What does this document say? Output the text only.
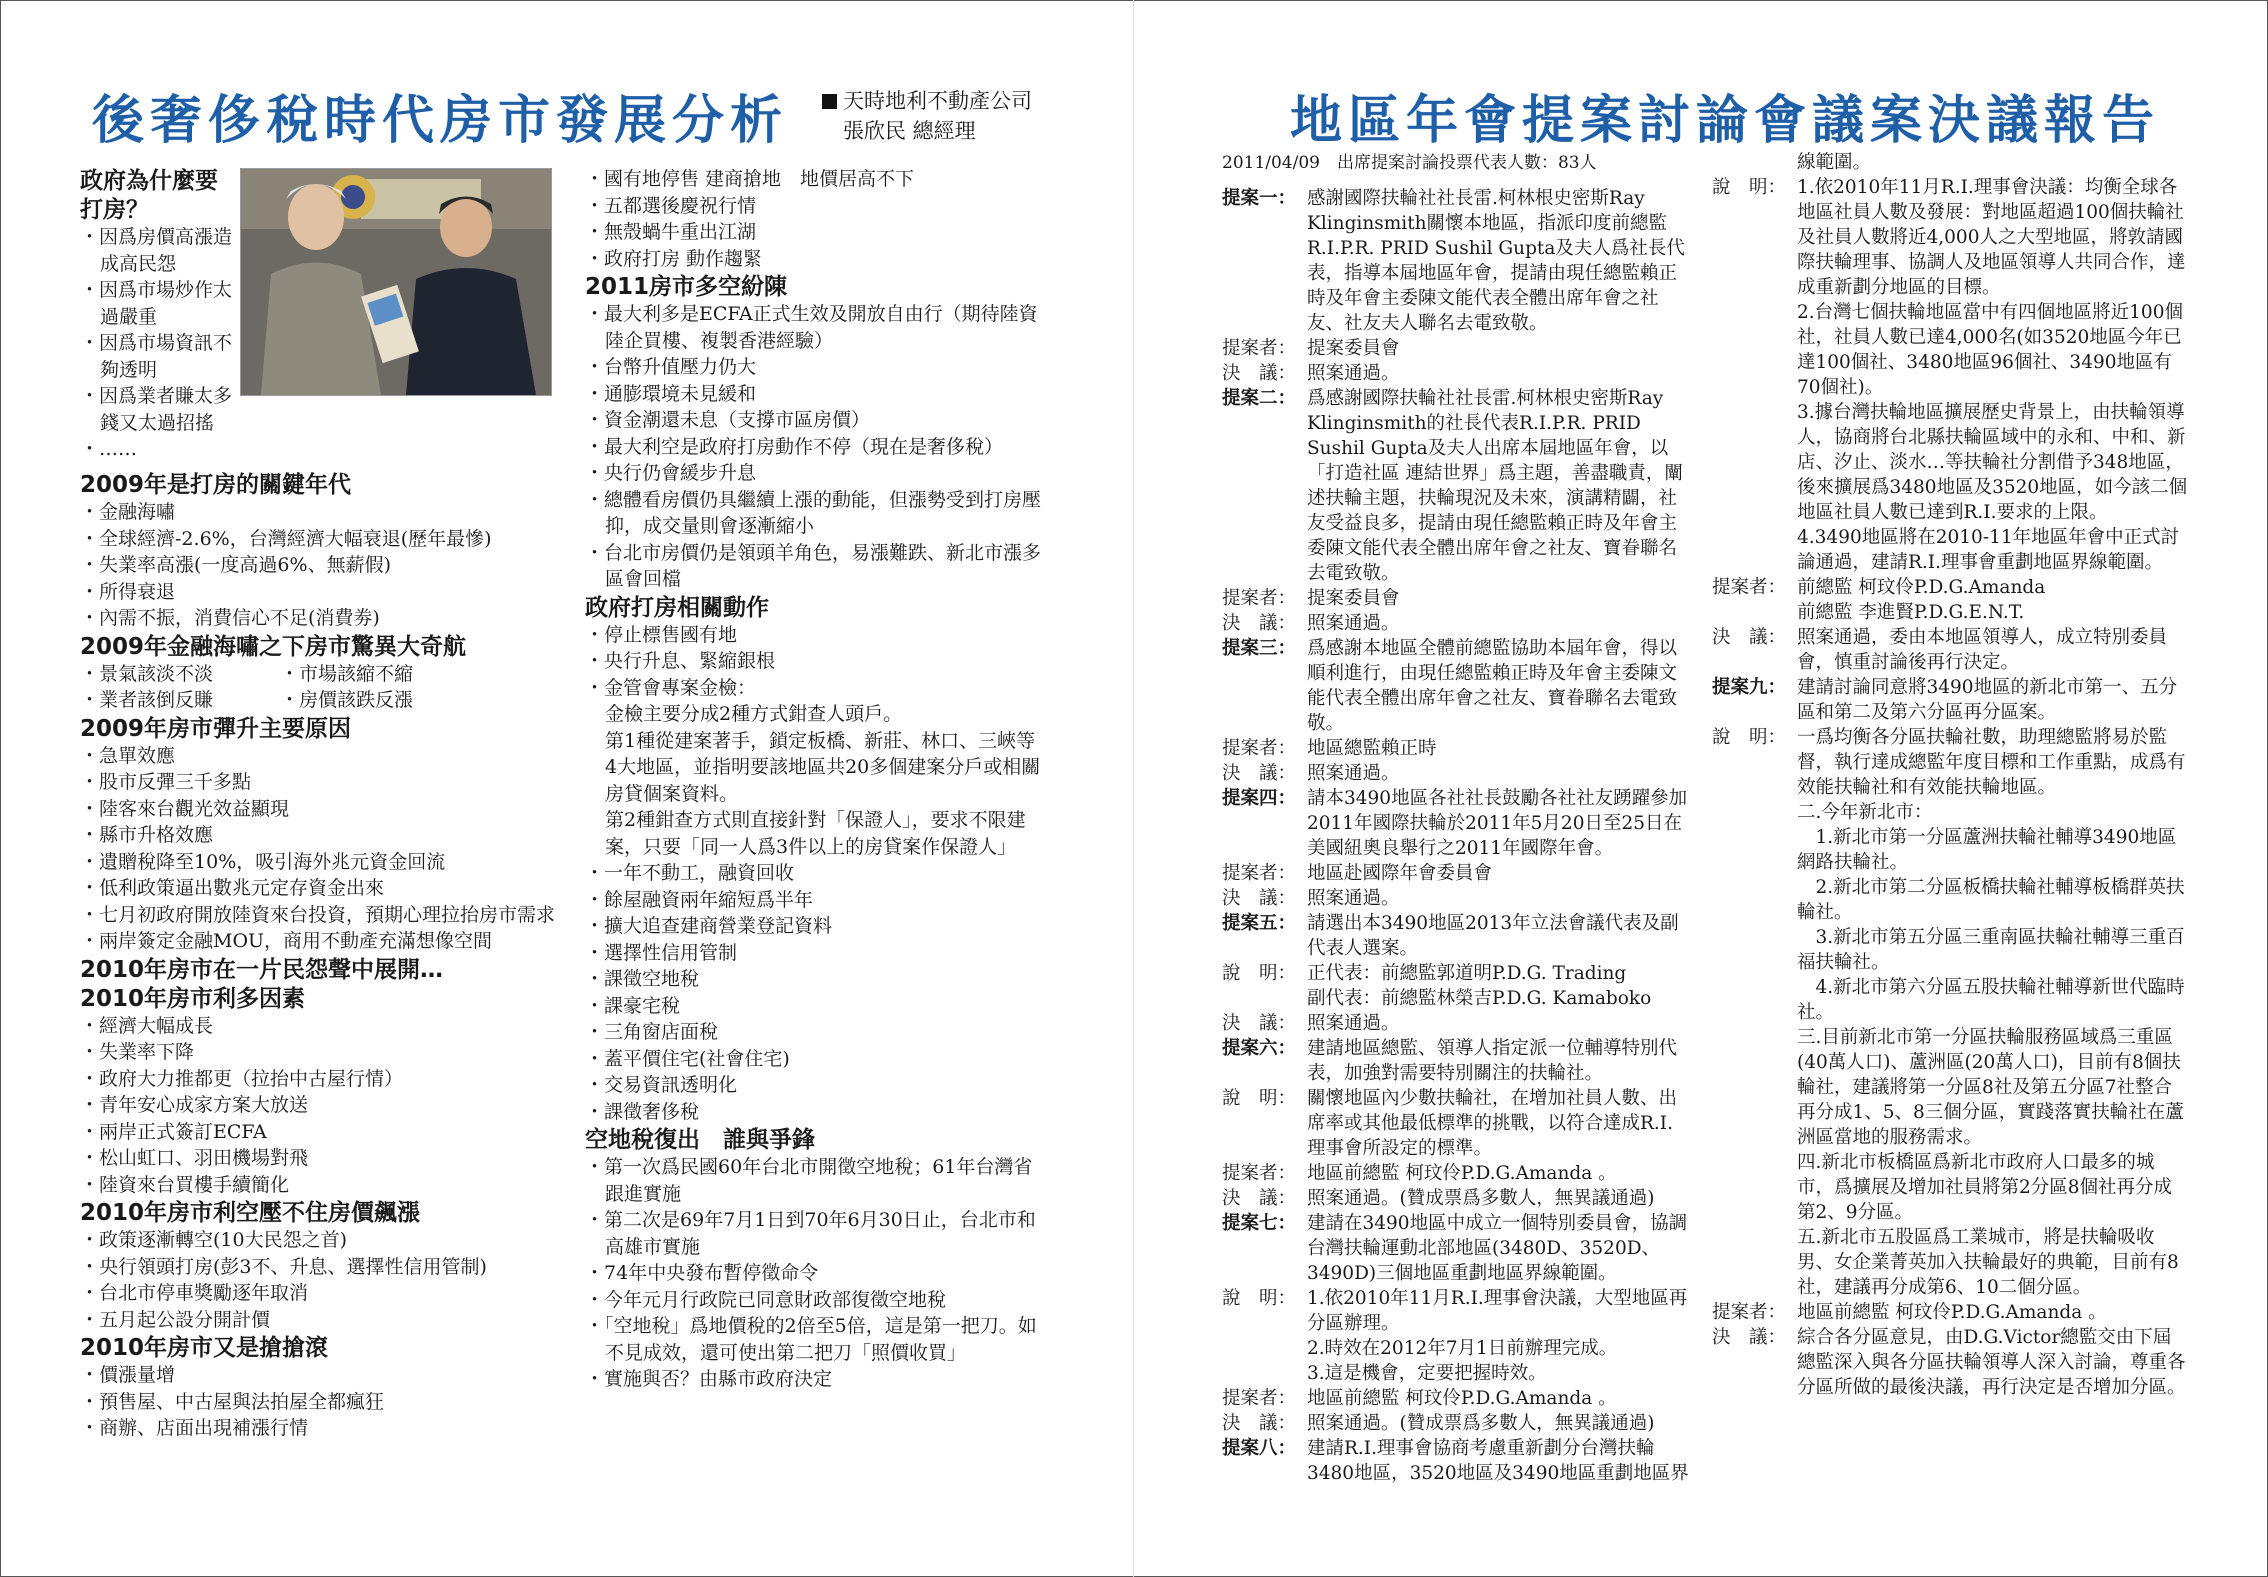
後奢侈稅時代房市發展分析	天時地利不動產公司
張欣民 總經理
政府為什麼要
打房？
・ 因爲房價高漲造成高民怨
・ 因爲市場炒作太過嚴重
・ 因爲市場資訊不夠透明
・ 因爲業者賺太多錢又太過招搖
・ ……
2009年是打房的關鍵年代
・ 金融海嘯
・ 全球經濟-2.6%，台灣經濟大幅衰退(歷年最慘)
・ 失業率高漲(一度高過6%、無薪假)
・ 所得衰退
・ 內需不振，消費信心不足(消費劵)
2009年金融海嘯之下房市驚異大奇航
・ 景氣該淡不淡	・ 市場該縮不縮
・ 業者該倒反賺	・ 房價該跌反漲
2009年房市彈升主要原因
・ 急單效應
・ 股市反彈三千多點
・ 陸客來台觀光效益顯現
・ 縣市升格效應
・ 遺贈稅降至10%，吸引海外兆元資金回流
・ 低利政策逼出數兆元定存資金出來
・ 七月初政府開放陸資來台投資，預期心理拉抬房市需求
・ 兩岸簽定金融MOU，商用不動產充滿想像空間
2010年房市在一片民怨聲中展開…
2010年房市利多因素
・ 經濟大幅成長
・ 失業率下降
・ 政府大力推都更（拉抬中古屋行情）
・ 青年安心成家方案大放送
・ 兩岸正式簽訂ECFA
・ 松山虹口、羽田機場對飛
・ 陸資來台買樓手續簡化
2010年房市利空壓不住房價飆漲
・ 政策逐漸轉空(10大民怨之首)
・ 央行領頭打房(彭3不、升息、選擇性信用管制)
・ 台北市停車獎勵逐年取消
・ 五月起公設分開計價
2010年房市又是搶搶滾
・ 價漲量增
・ 預售屋、中古屋與法拍屋全都瘋狂
・ 商辦、店面出現補漲行情
・ 國有地停售 建商搶地　地價居高不下
・ 五都選後慶祝行情
・ 無殼蝸牛重出江湖
・ 政府打房 動作趨緊
2011房市多空紛陳
・ 最大利多是ECFA正式生效及開放自由行（期待陸資陸企買樓、複製香港經驗）
・ 台幣升值壓力仍大
・ 通膨環境未見緩和
・ 資金潮還未息（支撐市區房價）
・ 最大利空是政府打房動作不停（現在是奢侈稅）
・ 央行仍會緩步升息
・ 總體看房價仍具繼續上漲的動能，但漲勢受到打房壓抑，成交量則會逐漸縮小
・ 台北市房價仍是領頭羊角色，易漲難跌、新北市漲多區會回檔
政府打房相關動作
・ 停止標售國有地
・ 央行升息、緊縮銀根
・ 金管會專案金檢：
金檢主要分成2種方式鉗查人頭戶。
第1種從建案著手，鎖定板橋、新莊、林口、三峽等4大地區，並指明要該地區共20多個建案分戶或相關房貸個案資料。
第2種鉗查方式則直接針對「保證人」，要求不限建案，只要「同一人爲3件以上的房貸案作保證人」
・ 一年不動工，融資回收
・ 餘屋融資兩年縮短爲半年
・ 擴大追查建商營業登記資料
・ 選擇性信用管制
・ 課徵空地稅
・ 課豪宅稅
・ 三角窗店面稅
・ 蓋平價住宅(社會住宅)
・ 交易資訊透明化
・ 課徵奢侈稅
空地稅復出　誰與爭鋒
・ 第一次爲民國60年台北市開徵空地稅；61年台灣省跟進實施
・ 第二次是69年7月1日到70年6月30日止，台北市和高雄市實施
・ 74年中央發布暫停徵命令
・ 今年元月行政院已同意財政部復徵空地稅
・ 「空地稅」爲地價稅的2倍至5倍，這是第一把刀。如不見成效，還可使出第二把刀「照價收買」
・ 實施與否？由縣市政府決定
地區年會提案討論會議案決議報告
2011/04/09　出席提案討論投票代表人數：83人
提案一： 感謝國際扶輪社社長雷.柯林根史密斯Ray Klinginsmith關懷本地區，指派印度前總監R.I.P.R. PRID Sushil Gupta及夫人爲社長代表，指導本屆地區年會，提請由現任總監賴正時及年會主委陳文能代表全體出席年會之社友、社友夫人聯名去電致敬。
提案者： 提案委員會
決　議： 照案通過。
提案二： 爲感謝國際扶輪社社長雷.柯林根史密斯Ray Klinginsmith的社長代表R.I.P.R. PRID Sushil Gupta及夫人出席本屆地區年會，以「打造社區 連結世界」爲主題，善盡職責，闡述扶輪主題，扶輪現況及未來，演講精闢，社友受益良多，提請由現任總監賴正時及年會主委陳文能代表全體出席年會之社友、寶眷聯名去電致敬。
提案者： 提案委員會
決　議： 照案通過。
提案三： 爲感謝本地區全體前總監協助本屆年會，得以順利進行，由現任總監賴正時及年會主委陳文能代表全體出席年會之社友、寶眷聯名去電致敬。
提案者： 地區總監賴正時
決　議： 照案通過。
提案四： 請本3490地區各社社長鼓勵各社社友踴躍參加2011年國際扶輪於2011年5月20日至25日在美國紐奧良舉行之2011年國際年會。
提案者： 地區赴國際年會委員會
決　議： 照案通過。
提案五： 請選出本3490地區2013年立法會議代表及副代表人選案。
說　明： 正代表：前總監郭道明P.D.G. Trading
副代表：前總監林榮吉P.D.G. Kamaboko
決　議： 照案通過。
提案六： 建請地區總監、領導人指定派一位輔導特別代表，加強對需要特別關注的扶輪社。
說　明： 關懷地區內少數扶輪社，在增加社員人數、出席率或其他最低標準的挑戰，以符合達成R.I.理事會所設定的標準。
提案者： 地區前總監 柯玟伶P.D.G.Amanda 。
決　議： 照案通過。(贊成票爲多數人，無異議通過)
提案七： 建請在3490地區中成立一個特別委員會，協調台灣扶輪運動北部地區(3480D、3520D、3490D)三個地區重劃地區界線範圍。
說　明： 1.依2010年11月R.I.理事會決議，大型地區再分區辦理。
2.時效在2012年7月1日前辦理完成。
3.這是機會，定要把握時效。
提案者： 地區前總監 柯玟伶P.D.G.Amanda 。
決　議： 照案通過。(贊成票爲多數人，無異議通過)
提案八： 建請R.I.理事會協商考慮重新劃分台灣扶輪3480地區，3520地區及3490地區重劃地區界
線範圍。
說　明： 1.依2010年11月R.I.理事會決議：均衡全球各地區社員人數及發展：對地區超過100個扶輪社及社員人數將近4,000人之大型地區，將敦請國際扶輪理事、協調人及地區領導人共同合作，達成重新劃分地區的目標。
2.台灣七個扶輪地區當中有四個地區將近100個社，社員人數已達4,000名(如3520地區今年已達100個社、3480地區96個社、3490地區有70個社)。
3.據台灣扶輪地區擴展歷史背景上，由扶輪領導人，協商將台北縣扶輪區域中的永和、中和、新店、汐止、淡水…等扶輪社分割借予348地區，後來擴展爲3480地區及3520地區，如今該二個地區社員人數已達到R.I.要求的上限。
4.3490地區將在2010-11年地區年會中正式討論通過，建請R.I.理事會重劃地區界線範圍。
提案者： 前總監 柯玟伶P.D.G.Amanda
前總監 李進賢P.D.G.E.N.T.
決　議： 照案通過，委由本地區領導人，成立特別委員會，慎重討論後再行決定。
提案九： 建請討論同意將3490地區的新北市第一、五分區和第二及第六分區再分區案。
說　明： 一爲均衡各分區扶輪社數，助理總監將易於監督，執行達成總監年度目標和工作重點，成爲有效能扶輪社和有效能扶輪地區。
二.今年新北市：
　1.新北市第一分區蘆洲扶輪社輔導3490地區網路扶輪社。
　2.新北市第二分區板橋扶輪社輔導板橋群英扶輪社。
　3.新北市第五分區三重南區扶輪社輔導三重百福扶輪社。
　4.新北市第六分區五股扶輪社輔導新世代臨時社。
三.目前新北市第一分區扶輪服務區域爲三重區(40萬人口)、蘆洲區(20萬人口)，目前有8個扶輪社，建議將第一分區8社及第五分區7社整合再分成1、5、8三個分區，實踐落實扶輪社在蘆洲區當地的服務需求。
四.新北市板橋區爲新北市政府人口最多的城市，爲擴展及增加社員將第2分區8個社再分成第2、9分區。
五.新北市五股區爲工業城市，將是扶輪吸收男、女企業菁英加入扶輪最好的典範，目前有8社，建議再分成第6、10二個分區。
提案者： 地區前總監 柯玟伶P.D.G.Amanda 。
決　議： 綜合各分區意見，由D.G.Victor總監交由下屆總監深入與各分區扶輪領導人深入討論，尊重各分區所做的最後決議，再行決定是否增加分區。
